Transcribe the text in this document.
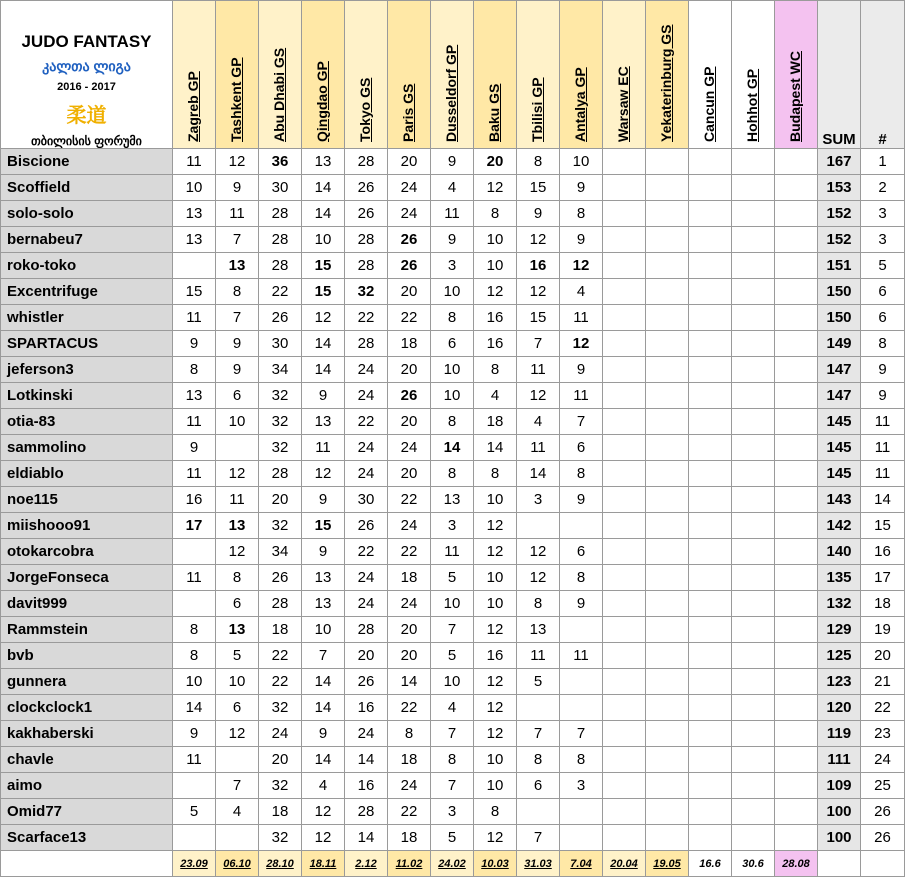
JUDO FANTASY
კალთა ლიგა
2016 - 2017
柔道
თბილისის ფორუმი	Zagreb GP	Tashkent GP	Abu Dhabi GS	Qingdao GP	Tokyo GS	Paris GS	Dusseldorf GP	Baku GS	Tbilisi GP	Antalya GP	Warsaw EC	Yekaterinburg GS	Cancun GP	Hohhot GP	Budapest WC	SUM	#
Biscione	11	12	36	13	28	20	9	20	8	10						167	1
Scoffield	10	9	30	14	26	24	4	12	15	9						153	2
solo-solo	13	11	28	14	26	24	11	8	9	8						152	3
bernabeu7	13	7	28	10	28	26	9	10	12	9						152	3
roko-toko		13	28	15	28	26	3	10	16	12						151	5
Excentrifuge	15	8	22	15	32	20	10	12	12	4						150	6
whistler	11	7	26	12	22	22	8	16	15	11						150	6
SPARTACUS	9	9	30	14	28	18	6	16	7	12						149	8
jeferson3	8	9	34	14	24	20	10	8	11	9						147	9
Lotkinski	13	6	32	9	24	26	10	4	12	11						147	9
otia-83	11	10	32	13	22	20	8	18	4	7						145	11
sammolino	9		32	11	24	24	14	14	11	6						145	11
eldiablo	11	12	28	12	24	20	8	8	14	8						145	11
noe115	16	11	20	9	30	22	13	10	3	9						143	14
miishooo91	17	13	32	15	26	24	3	12								142	15
otokarcobra		12	34	9	22	22	11	12	12	6						140	16
JorgeFonseca	11	8	26	13	24	18	5	10	12	8						135	17
davit999		6	28	13	24	24	10	10	8	9						132	18
Rammstein	8	13	18	10	28	20	7	12	13							129	19
bvb	8	5	22	7	20	20	5	16	11	11						125	20
gunnera	10	10	22	14	26	14	10	12	5							123	21
clockclock1	14	6	32	14	16	22	4	12								120	22
kakhaberski	9	12	24	9	24	8	7	12	7	7						119	23
chavle	11		20	14	14	18	8	10	8	8						111	24
aimo		7	32	4	16	24	7	10	6	3						109	25
Omid77	5	4	18	12	28	22	3	8								100	26
Scarface13			32	12	14	18	5	12	7							100	26
	23.09	06.10	28.10	18.11	2.12	11.02	24.02	10.03	31.03	7.04	20.04	19.05	16.6	30.6	28.08		
